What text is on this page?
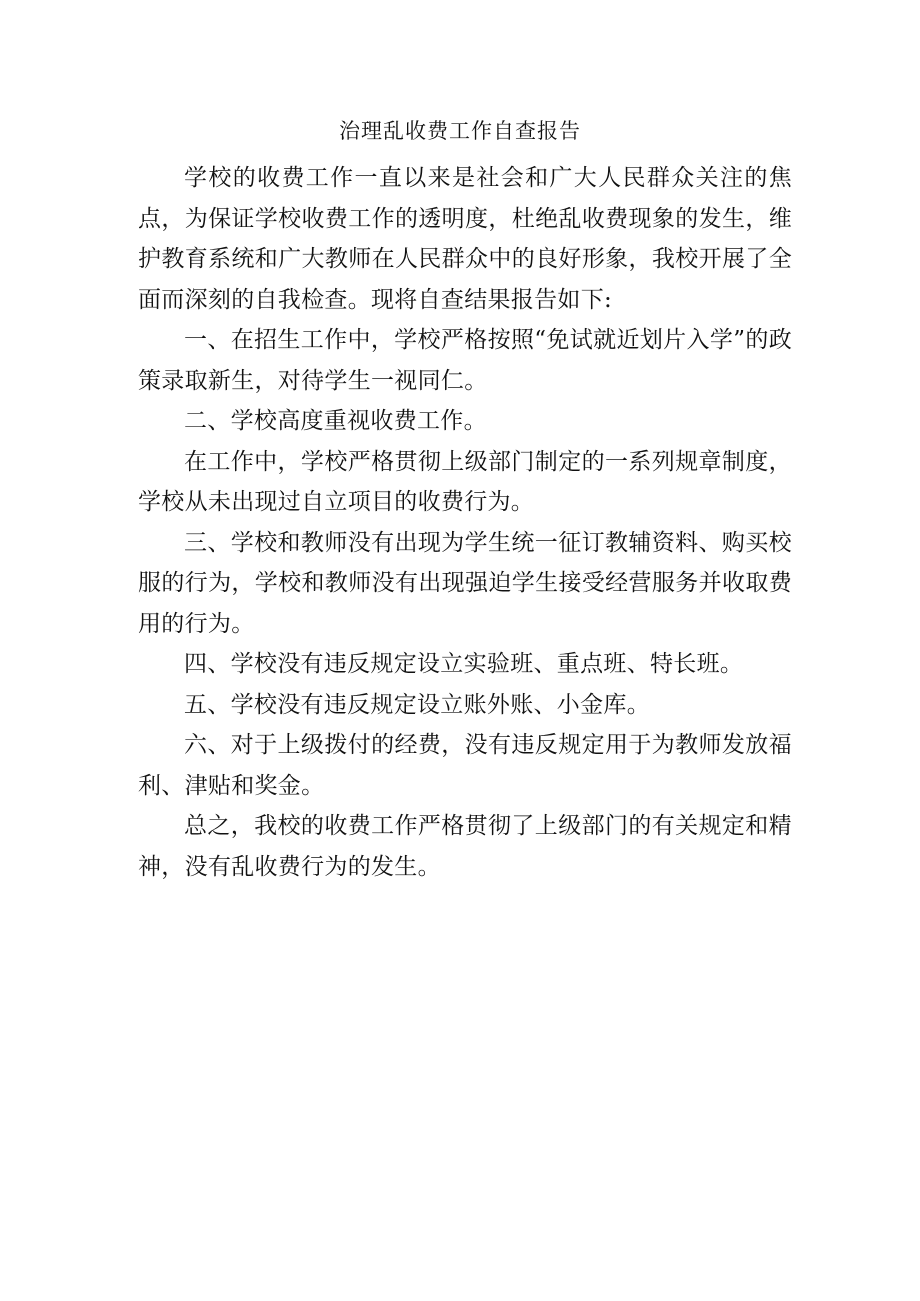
治理乱收费工作自查报告

学校的收费工作一直以来是社会和广大人民群众关注的焦点，为保证学校收费工作的透明度，杜绝乱收费现象的发生，维护教育系统和广大教师在人民群众中的良好形象，我校开展了全面而深刻的自我检查。现将自查结果报告如下:

一、在招生工作中，学校严格按照“免试就近划片入学”的政策录取新生，对待学生一视同仁。

二、学校高度重视收费工作。

在工作中，学校严格贯彻上级部门制定的一系列规章制度，学校从未出现过自立项目的收费行为。

三、学校和教师没有出现为学生统一征订教辅资料、购买校服的行为，学校和教师没有出现强迫学生接受经营服务并收取费用的行为。

四、学校没有违反规定设立实验班、重点班、特长班。

五、学校没有违反规定设立账外账、小金库。

六、对于上级拨付的经费，没有违反规定用于为教师发放福利、津贴和奖金。

总之，我校的收费工作严格贯彻了上级部门的有关规定和精神，没有乱收费行为的发生。
